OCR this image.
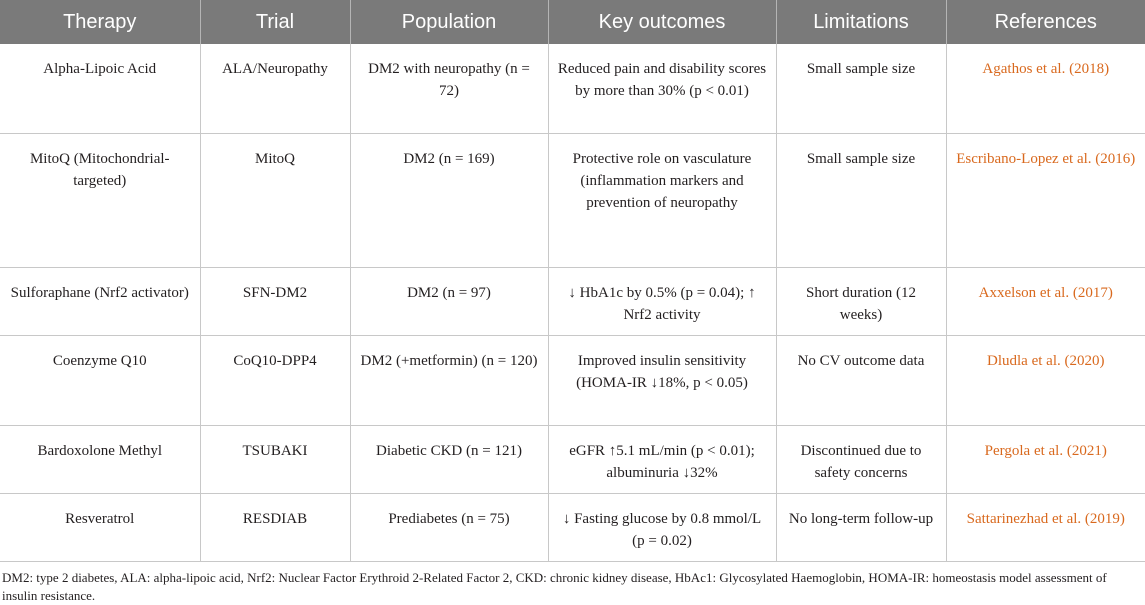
Therapy	Trial	Population	Key outcomes	Limitations	References
Alpha-Lipoic Acid	ALA/Neuropathy	DM2 with neuropathy (n = 72)	Reduced pain and disability scores by more than 30% (p < 0.01)	Small sample size	Agathos et al. (2018)
MitoQ (Mitochondrial-targeted)	MitoQ	DM2 (n = 169)	Protective role on vasculature (inflammation markers and prevention of neuropathy	Small sample size	Escribano-Lopez et al. (2016)
Sulforaphane (Nrf2 activator)	SFN-DM2	DM2 (n = 97)	↓ HbA1c by 0.5% (p = 0.04); ↑ Nrf2 activity	Short duration (12 weeks)	Axxelson et al. (2017)
Coenzyme Q10	CoQ10-DPP4	DM2 (+metformin) (n = 120)	Improved insulin sensitivity (HOMA-IR ↓18%, p < 0.05)	No CV outcome data	Dludla et al. (2020)
Bardoxolone Methyl	TSUBAKI	Diabetic CKD (n = 121)	eGFR ↑5.1 mL/min (p < 0.01); albuminuria ↓32%	Discontinued due to safety concerns	Pergola et al. (2021)
Resveratrol	RESDIAB	Prediabetes (n = 75)	↓ Fasting glucose by 0.8 mmol/L (p = 0.02)	No long-term follow-up	Sattarinezhad et al. (2019)
DM2: type 2 diabetes, ALA: alpha-lipoic acid, Nrf2: Nuclear Factor Erythroid 2-Related Factor 2, CKD: chronic kidney disease, HbAc1: Glycosylated Haemoglobin, HOMA-IR: homeostasis model assessment of insulin resistance.
